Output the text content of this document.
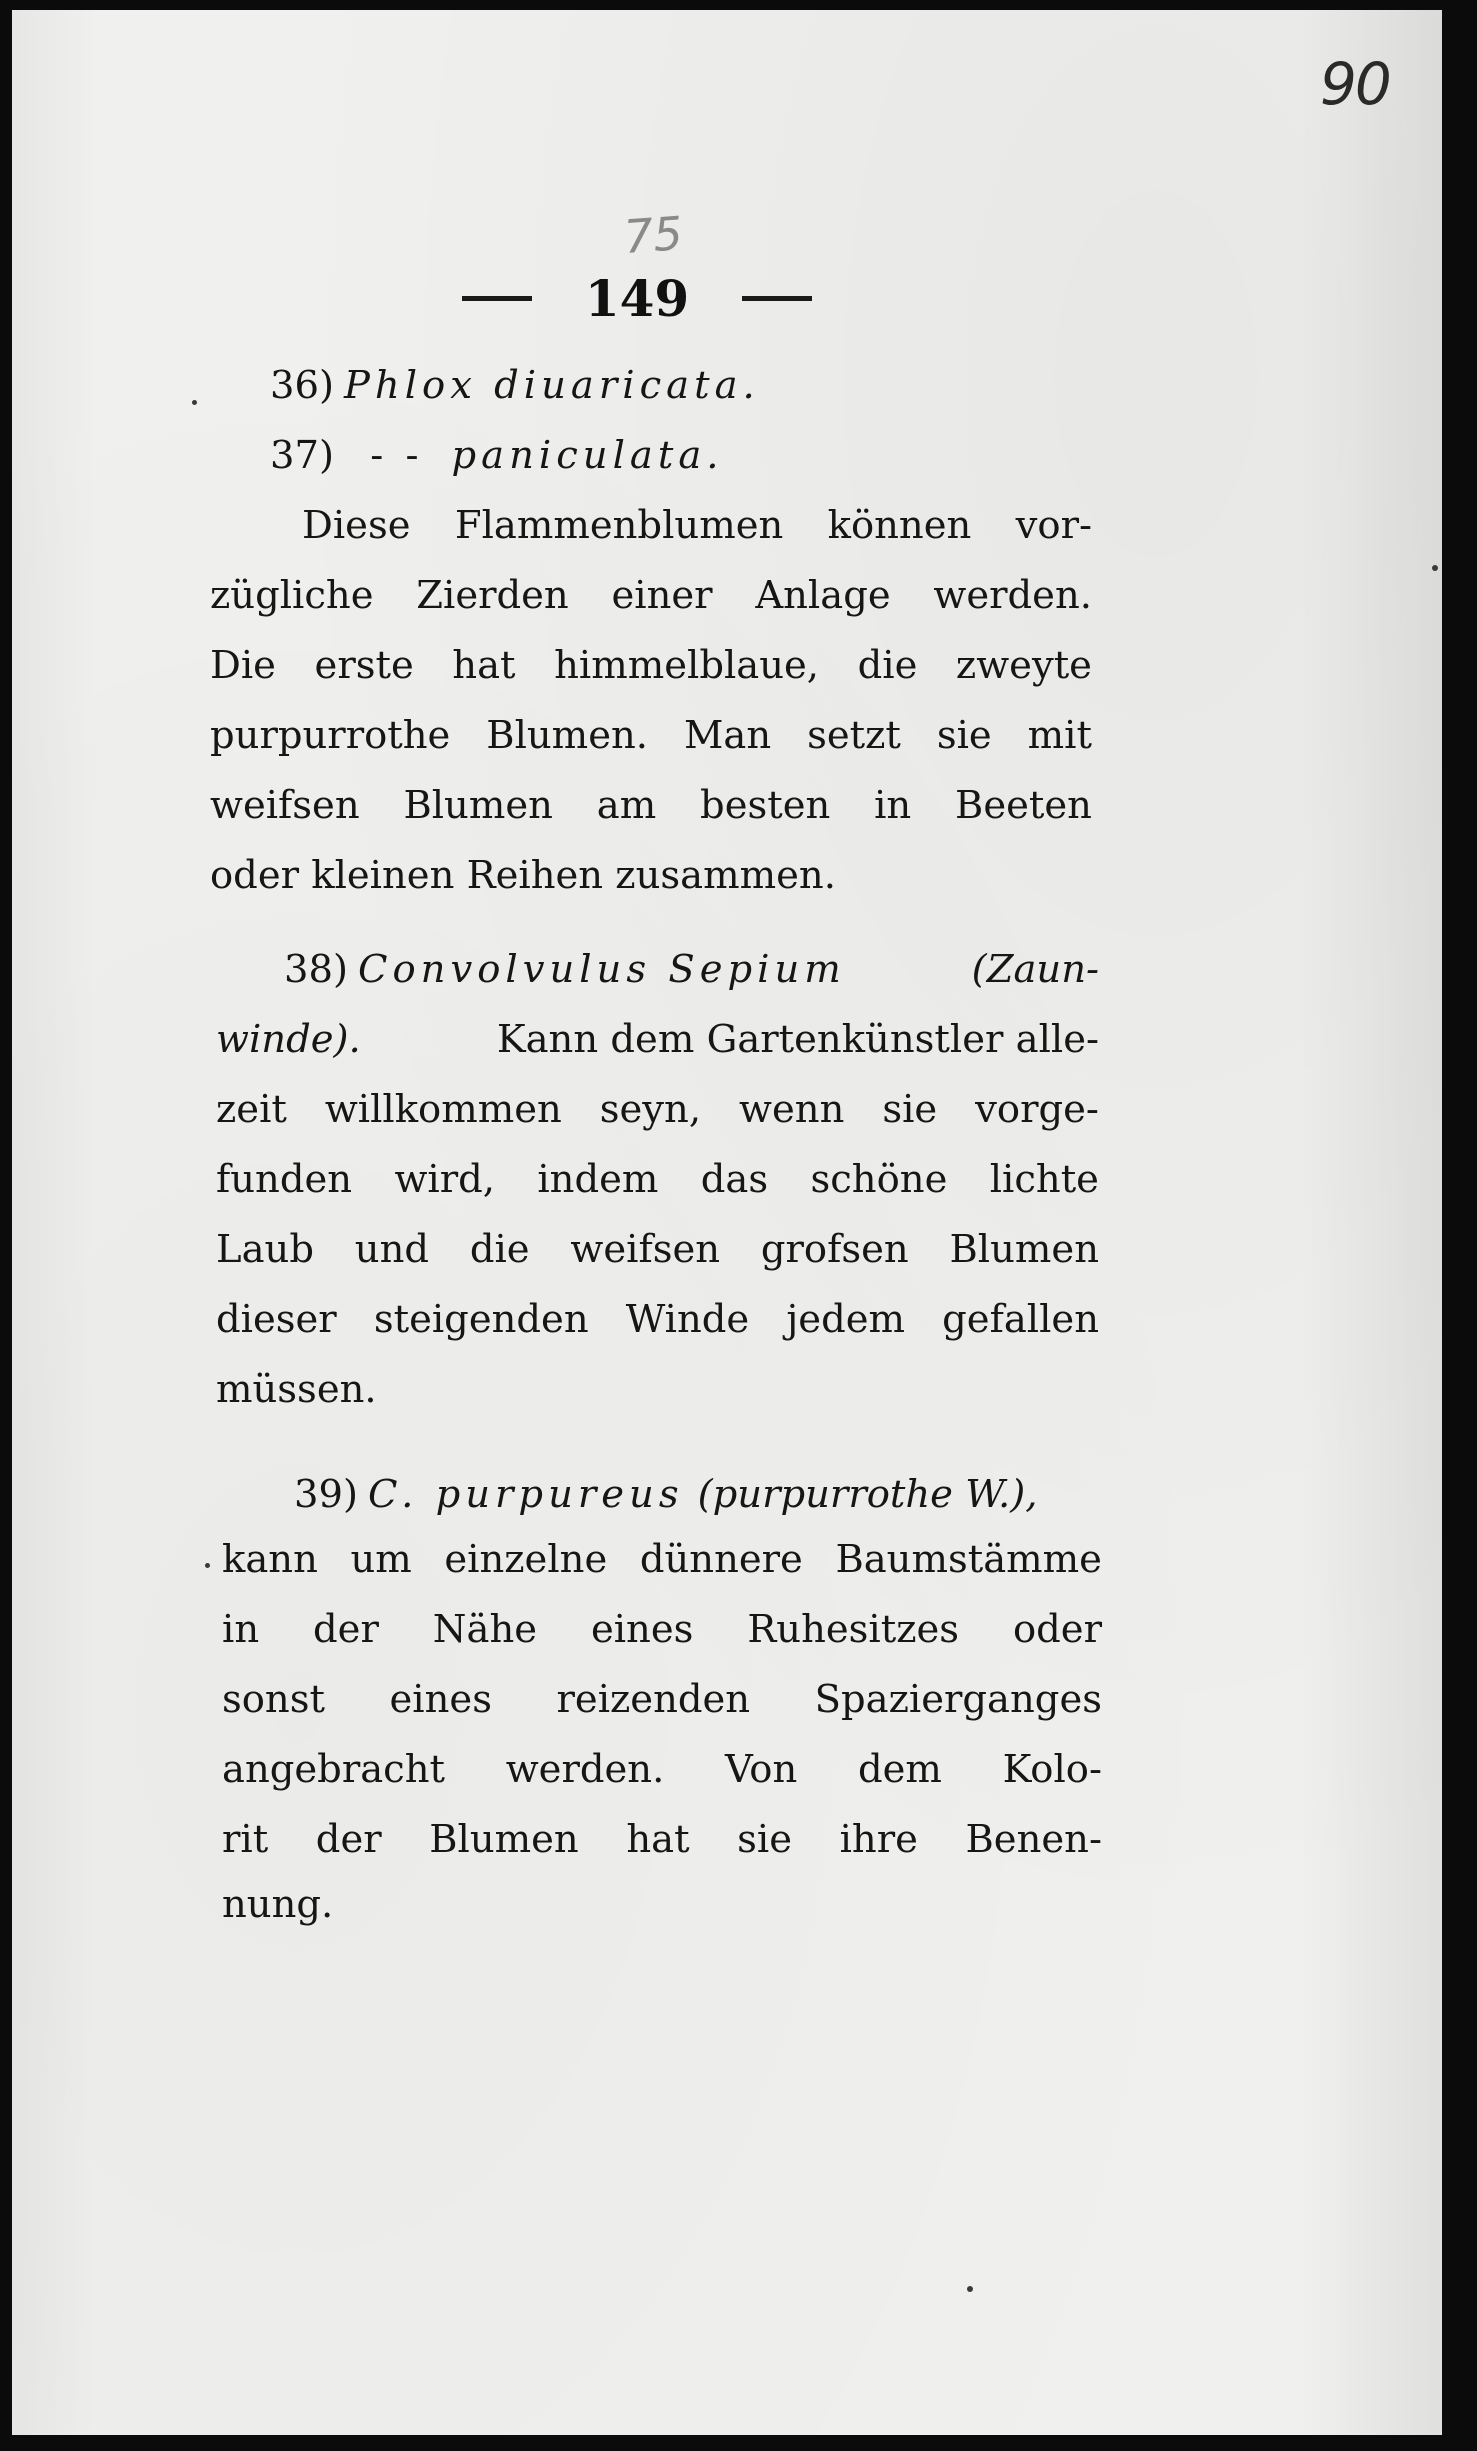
90
75
149
36) Phlox diuaricata.
37) - - paniculata.
Diese Flammenblumen können vor-
zügliche Zierden einer Anlage werden.
Die erste hat himmelblaue, die zweyte
purpurrothe Blumen. Man setzt sie mit
weifsen Blumen am besten in Beeten
oder kleinen Reihen zusammen.
38) Convolvulus Sepium	(Zaun-
winde).	Kann dem Gartenkünstler alle-
zeit willkommen seyn, wenn sie vorge-
funden wird, indem das schöne lichte
Laub und die weifsen grofsen Blumen
dieser steigenden Winde jedem gefallen
müssen.
39) C. purpureus (purpurrothe W.),
kann um einzelne dünnere Baumstämme
in der Nähe eines Ruhesitzes oder
sonst eines reizenden Spazierganges
angebracht werden. Von dem Kolo-
rit der Blumen hat sie ihre Benen-
nung.
